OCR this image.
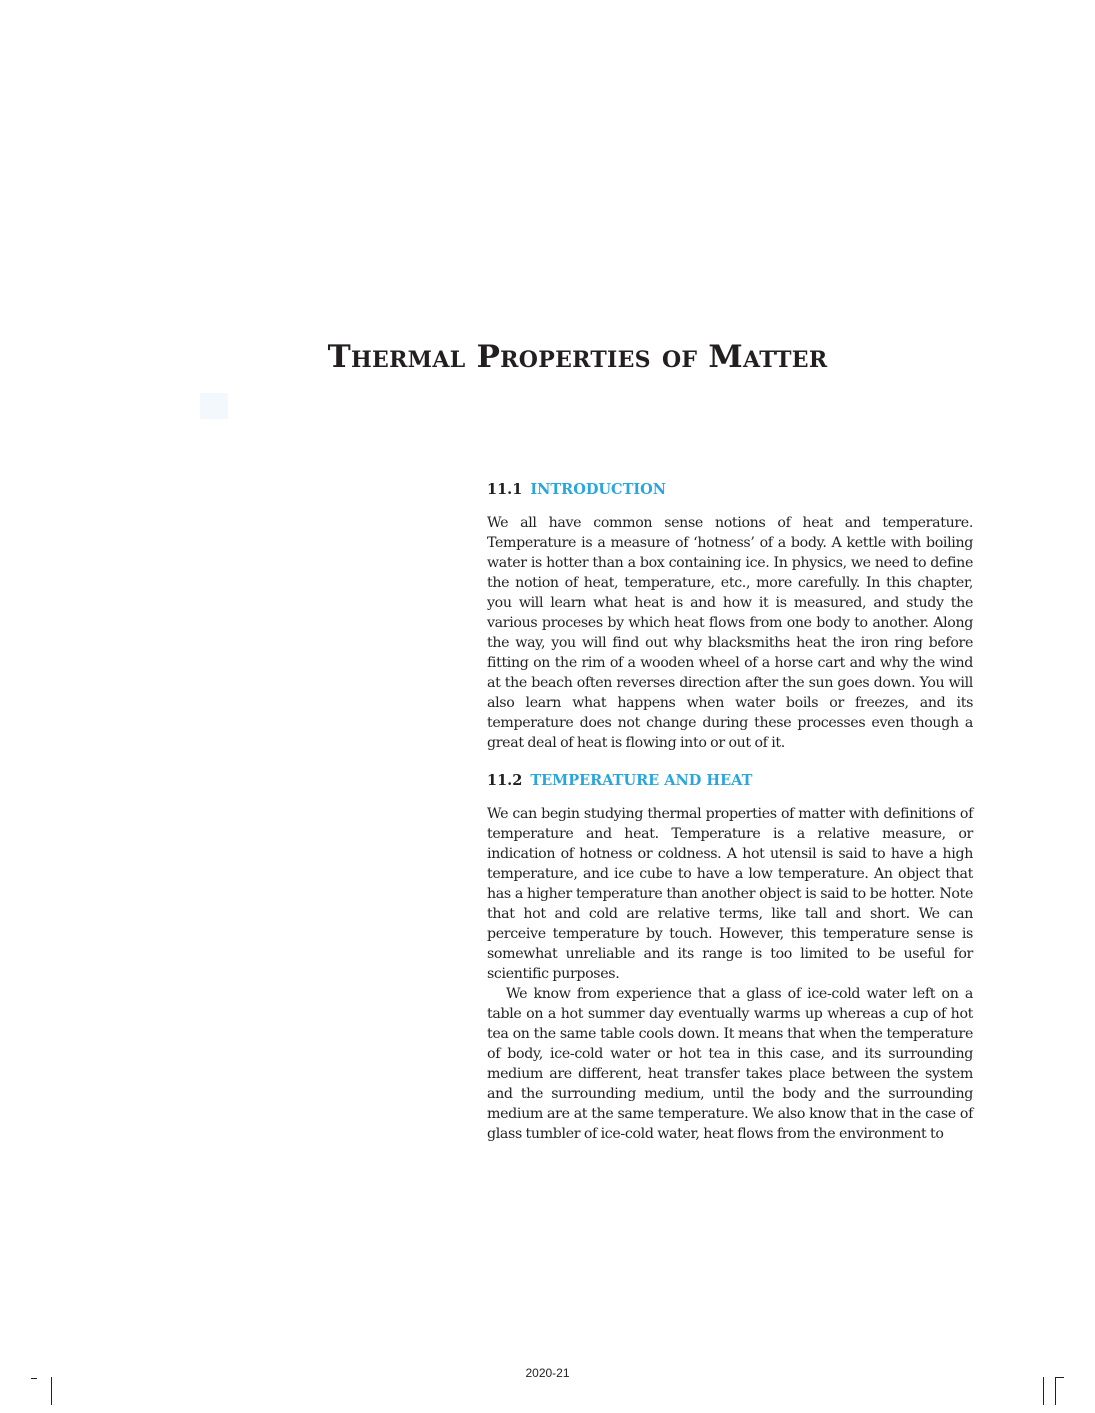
Thermal Properties of Matter
11.1 INTRODUCTION

We all have common sense notions of heat and temperature. Temperature is a measure of ‘hotness’ of a body. A kettle with boiling water is hotter than a box containing ice. In physics, we need to define the notion of heat, temperature, etc., more carefully. In this chapter, you will learn what heat is and how it is measured, and study the various proceses by which heat flows from one body to another. Along the way, you will find out why blacksmiths heat the iron ring before fitting on the rim of a wooden wheel of a horse cart and why the wind at the beach often reverses direction after the sun goes down. You will also learn what happens when water boils or freezes, and its temperature does not change during these processes even though a great deal of heat is flowing into or out of it.

11.2 TEMPERATURE AND HEAT

We can begin studying thermal properties of matter with definitions of temperature and heat. Temperature is a relative measure, or indication of hotness or coldness. A hot utensil is said to have a high temperature, and ice cube to have a low temperature. An object that has a higher temperature than another object is said to be hotter. Note that hot and cold are relative terms, like tall and short. We can perceive temperature by touch. However, this temperature sense is somewhat unreliable and its range is too limited to be useful for scientific purposes.

We know from experience that a glass of ice-cold water left on a table on a hot summer day eventually warms up whereas a cup of hot tea on the same table cools down. It means that when the temperature of body, ice-cold water or hot tea in this case, and its surrounding medium are different, heat transfer takes place between the system and the surrounding medium, until the body and the surrounding medium are at the same temperature. We also know that in the case of glass tumbler of ice-cold water, heat flows from the environment to

2020-21
